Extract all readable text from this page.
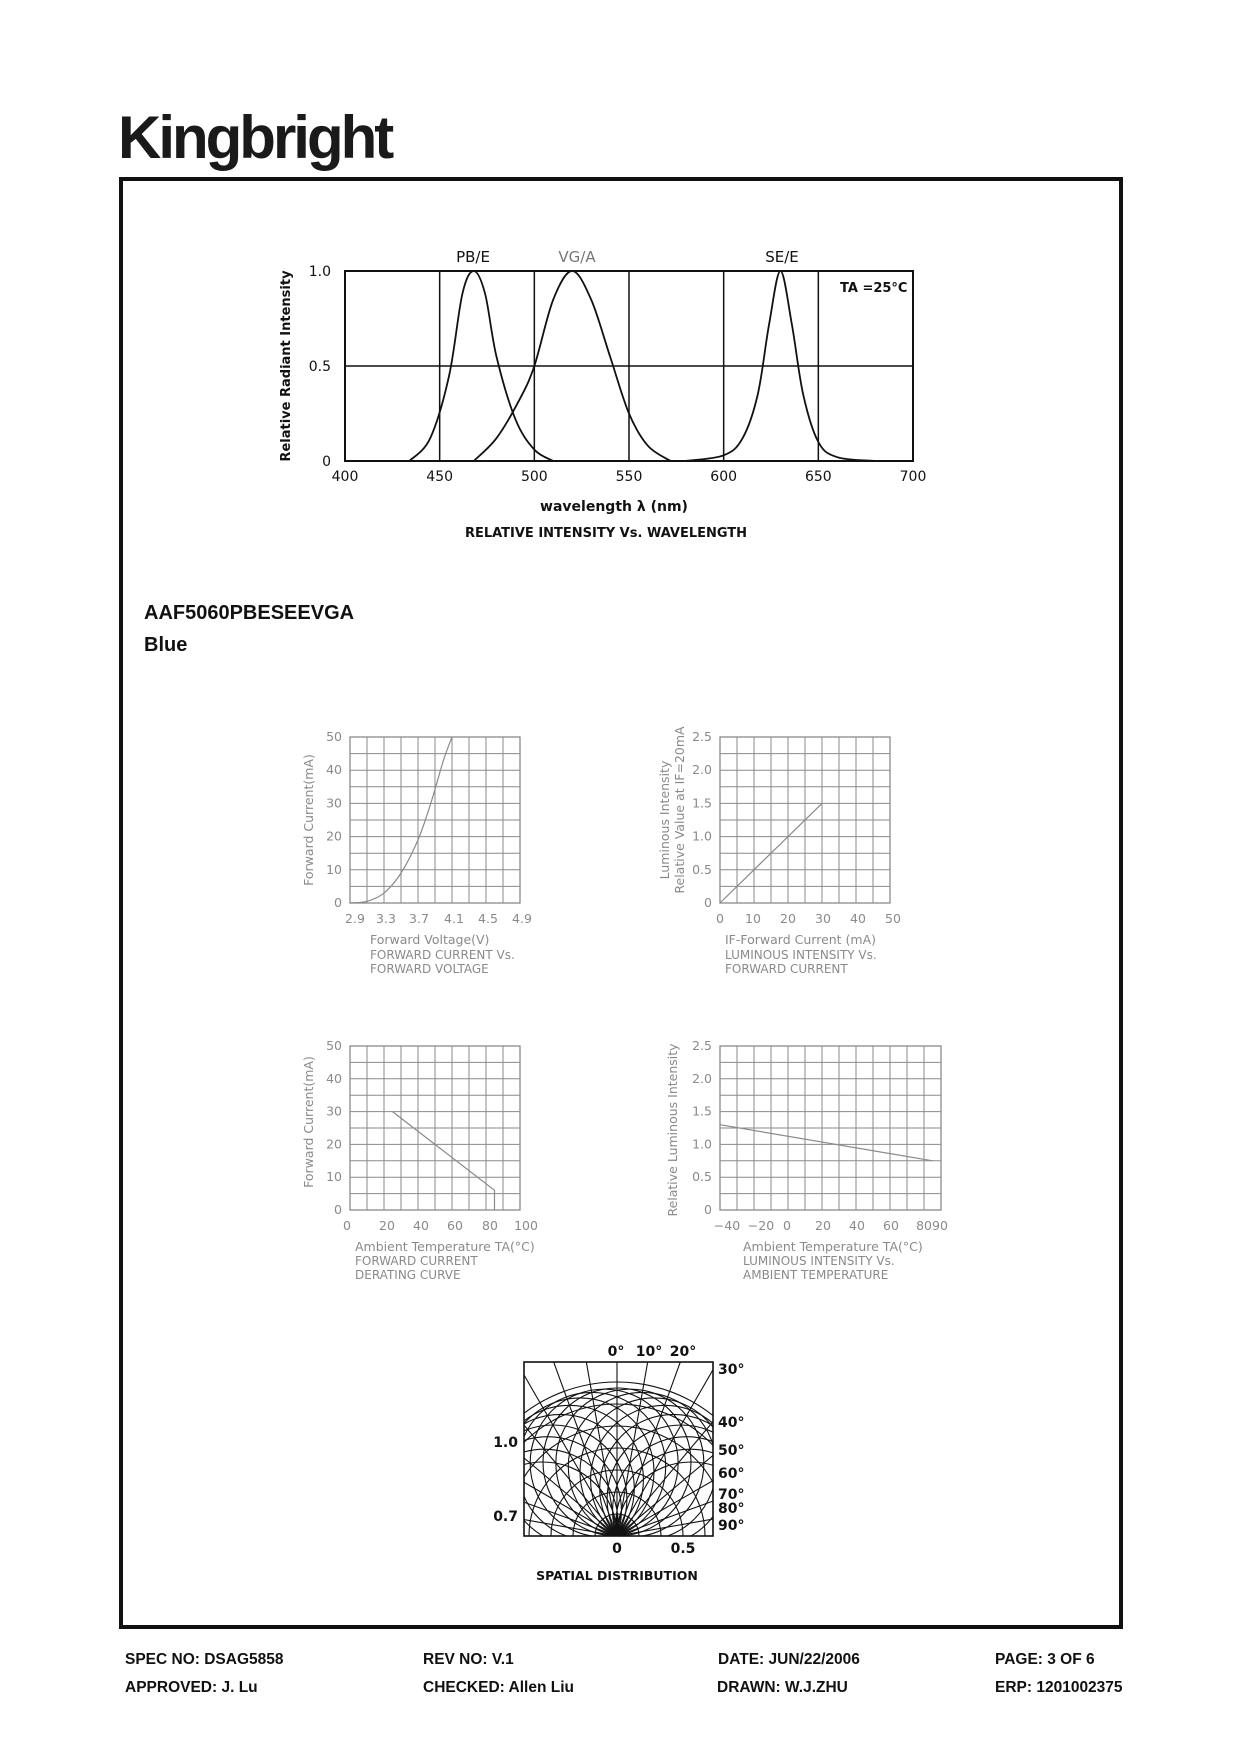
Kingbright
AAF5060PBESEEVGA
Blue
400	450	500	550	600	650	700
0
0.5
1.0
PB/E	VG/A	SE/E
TA =25°C
Relative Radiant Intensity
wavelength λ (nm)
RELATIVE INTENSITY Vs. WAVELENGTH
2.9 3.3 3.7 4.1 4.5 4.9
0
10
20
30
40
50
Forward Current(mA)
Forward Voltage(V)
FORWARD CURRENT Vs.
FORWARD VOLTAGE
0 10 20 30 40 50
0
0.5
1.0
1.5
2.0
2.5
Luminous Intensity Relative Value at IF=20mA
IF-Forward Current (mA)
LUMINOUS INTENSITY Vs.
FORWARD CURRENT
0 20 40 60 80 100
0
10
20
30
40
50
Forward Current(mA)
Ambient Temperature TA(°C)
FORWARD CURRENT
DERATING CURVE
−40 −20 0 20 40 60 8090
0
0.5
1.0
1.5
2.0
2.5
Relative Luminous Intensity
Ambient Temperature TA(°C)
LUMINOUS INTENSITY Vs.
AMBIENT TEMPERATURE
0° 10° 20°
30°
40°
50°
60°
70°
80°
90°
1.0
0.7
0	0.5
SPATIAL DISTRIBUTION
SPEC NO: DSAG5858	REV NO: V.1	DATE: JUN/22/2006	PAGE: 3 OF 6
APPROVED: J. Lu	CHECKED: Allen Liu	DRAWN: W.J.ZHU	ERP: 1201002375
